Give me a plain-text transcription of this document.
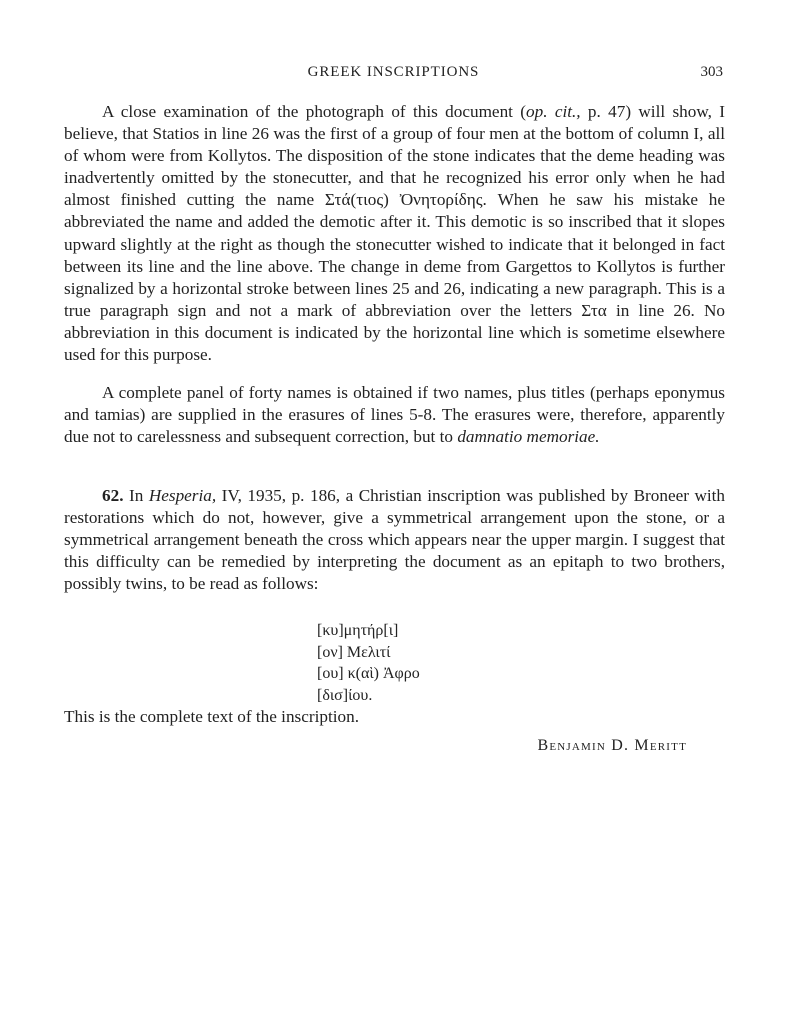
GREEK INSCRIPTIONS	303

A close examination of the photograph of this document (op. cit., p. 47) will show, I believe, that Statios in line 26 was the first of a group of four men at the bottom of column I, all of whom were from Kollytos. The disposition of the stone indicates that the deme heading was inadvertently omitted by the stonecutter, and that he recognized his error only when he had almost finished cutting the name Στά(τιος) Ὀνητορίδης. When he saw his mistake he abbreviated the name and added the demotic after it. This demotic is so inscribed that it slopes upward slightly at the right as though the stonecutter wished to indicate that it belonged in fact between its line and the line above. The change in deme from Gargettos to Kollytos is further signalized by a horizontal stroke between lines 25 and 26, indicating a new paragraph. This is a true paragraph sign and not a mark of abbreviation over the letters Στα in line 26. No abbreviation in this document is indicated by the horizontal line which is sometime elsewhere used for this purpose.

A complete panel of forty names is obtained if two names, plus titles (perhaps eponymus and tamias) are supplied in the erasures of lines 5-8. The erasures were, therefore, apparently due not to carelessness and subsequent correction, but to damnatio memoriae.

62. In Hesperia, IV, 1935, p. 186, a Christian inscription was published by Broneer with restorations which do not, however, give a symmetrical arrangement upon the stone, or a symmetrical arrangement beneath the cross which appears near the upper margin. I suggest that this difficulty can be remedied by interpreting the document as an epitaph to two brothers, possibly twins, to be read as follows:

[κυ]μητήρ[ι]
[ον] Μελιτί
[ου] κ(αὶ) Ἀφρο
[δισ]ίου.

This is the complete text of the inscription.

Benjamin D. Meritt
